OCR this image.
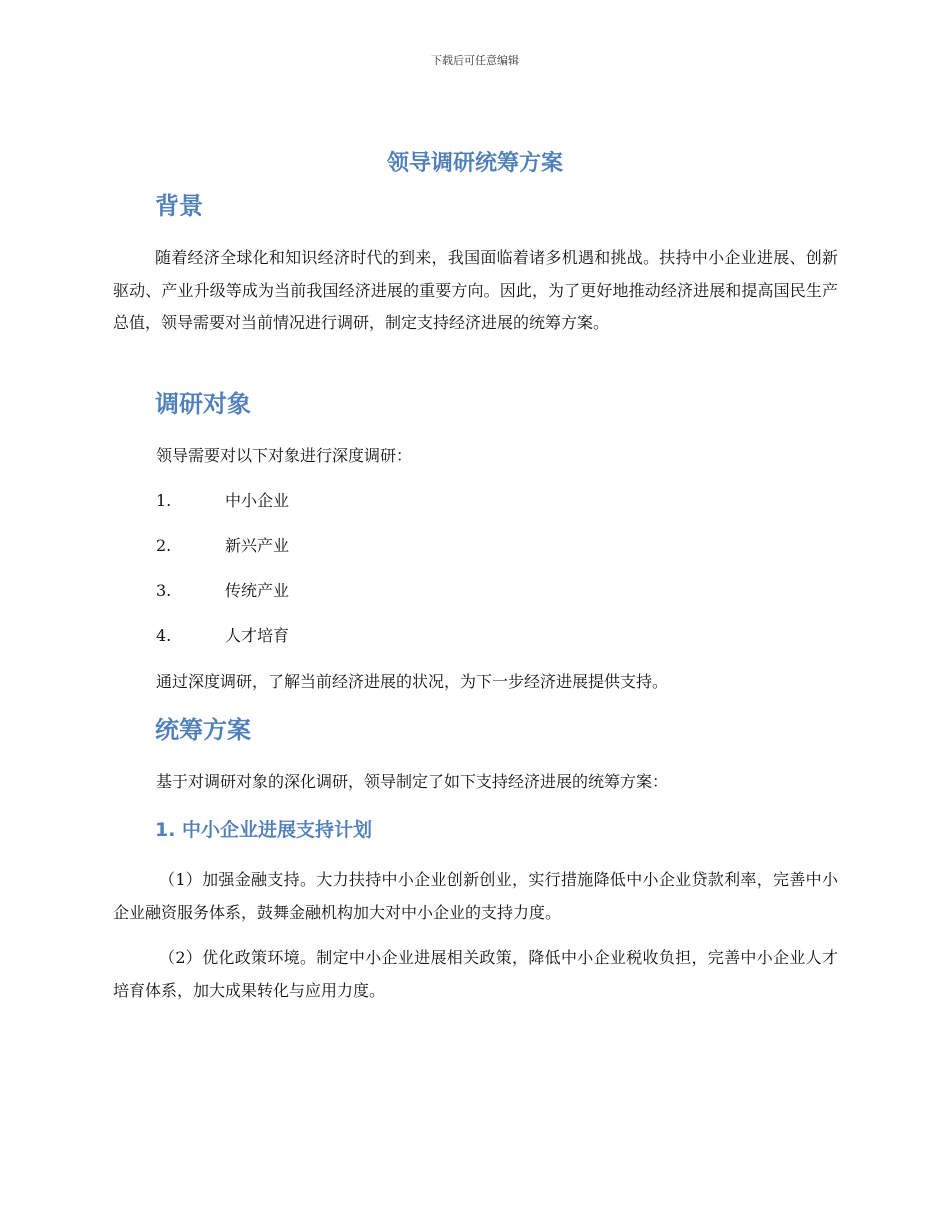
下载后可任意编辑
领导调研统筹方案
背景
随着经济全球化和知识经济时代的到来，我国面临着诸多机遇和挑战。扶持中小企业进展、创新驱动、产业升级等成为当前我国经济进展的重要方向。因此，为了更好地推动经济进展和提高国民生产总值，领导需要对当前情况进行调研，制定支持经济进展的统筹方案。
调研对象
领导需要对以下对象进行深度调研：
1.	中小企业
2.	新兴产业
3.	传统产业
4.	人才培育
通过深度调研，了解当前经济进展的状况，为下一步经济进展提供支持。
统筹方案
基于对调研对象的深化调研，领导制定了如下支持经济进展的统筹方案：
1. 中小企业进展支持计划
（1）加强金融支持。大力扶持中小企业创新创业，实行措施降低中小企业贷款利率，完善中小企业融资服务体系，鼓舞金融机构加大对中小企业的支持力度。
（2）优化政策环境。制定中小企业进展相关政策，降低中小企业税收负担，完善中小企业人才培育体系，加大成果转化与应用力度。
